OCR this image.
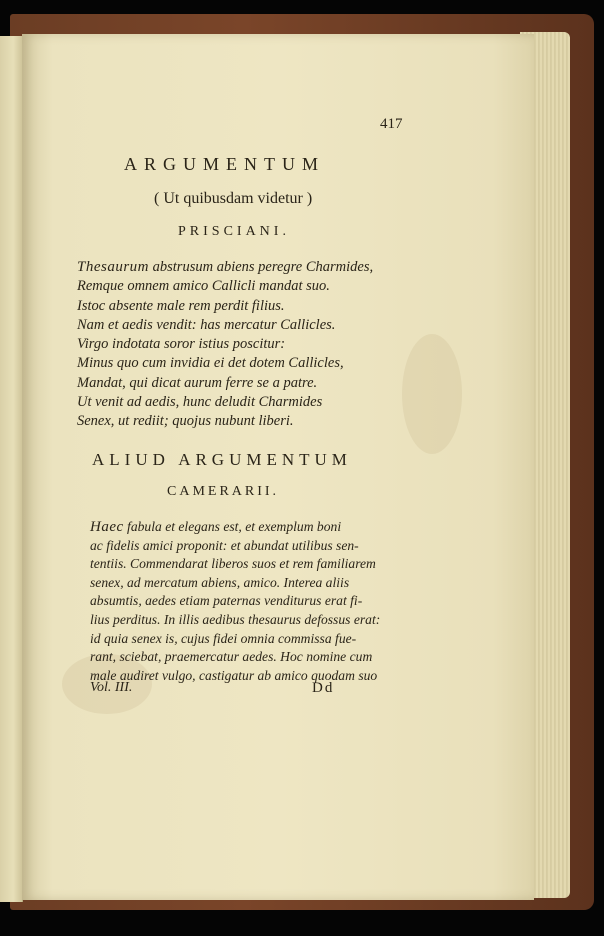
417
ARGUMENTUM
( Ut quibusdam videtur )
PRISCIANI.
Thesaurum abstrusum abiens peregre Charmides,
Remque omnem amico Callicli mandat suo.
Istoc absente male rem perdit filius.
Nam et aedis vendit: has mercatur Callicles.
Virgo indotata soror istius poscitur:
Minus quo cum invidia ei det dotem Callicles,
Mandat, qui dicat aurum ferre se a patre.
Ut venit ad aedis, hunc deludit Charmides
Senex, ut rediit; quojus nubunt liberi.
ALIUD ARGUMENTUM
CAMERARII.
Haec fabula et elegans est, et exemplum boni
ac fidelis amici proponit: et abundat utilibus sen-
tentiis. Commendarat liberos suos et rem familiarem
senex, ad mercatum abiens, amico. Interea aliis
absumtis, aedes etiam paternas venditurus erat fi-
lius perditus. In illis aedibus thesaurus defossus erat:
id quia senex is, cujus fidei omnia commissa fue-
rant, sciebat, praemercatur aedes. Hoc nomine cum
male audiret vulgo, castigatur ab amico quodam suo
Vol. III.	Dd
